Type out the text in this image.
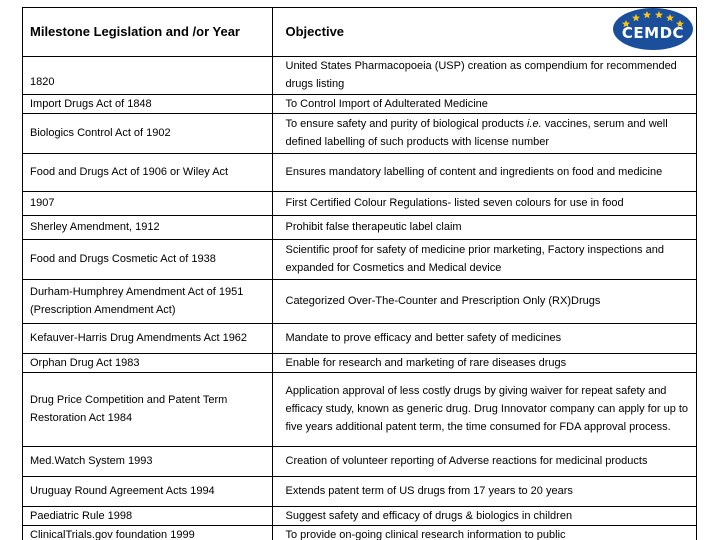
Milestone Legislation and /or Year	Objective
1820	United States Pharmacopoeia (USP) creation as compendium for recommended drugs listing
Import Drugs Act of 1848	To Control Import of Adulterated Medicine
Biologics Control Act of 1902	To ensure safety and purity of biological products i.e. vaccines, serum and well defined labelling of such products with license number
Food and Drugs Act of 1906 or Wiley Act	Ensures mandatory labelling of content and ingredients on food and medicine
1907	First Certified Colour Regulations- listed seven colours for use in food
Sherley Amendment, 1912	Prohibit false therapeutic label claim
Food and Drugs Cosmetic Act of 1938	Scientific proof for safety of medicine prior marketing, Factory inspections and expanded for Cosmetics and Medical device
Durham-Humphrey Amendment Act of 1951 (Prescription Amendment Act)	Categorized Over-The-Counter and Prescription Only (RX)Drugs
Kefauver-Harris Drug Amendments Act 1962	Mandate to prove efficacy and better safety of medicines
Orphan Drug Act 1983	Enable for research and marketing of rare diseases drugs
Drug Price Competition and Patent Term Restoration Act 1984	Application approval of less costly drugs by giving waiver for repeat safety and efficacy study, known as generic drug. Drug Innovator company can apply for up to five years additional patent term, the time consumed for FDA approval process.
Med.Watch System 1993	Creation of volunteer reporting of Adverse reactions for medicinal products
Uruguay Round Agreement Acts 1994	Extends patent term of US drugs from 17 years to 20 years
Paediatric Rule 1998	Suggest safety and efficacy of drugs & biologics in children
ClinicalTrials.gov foundation 1999	To provide on-going clinical research information to public
CEMDC
